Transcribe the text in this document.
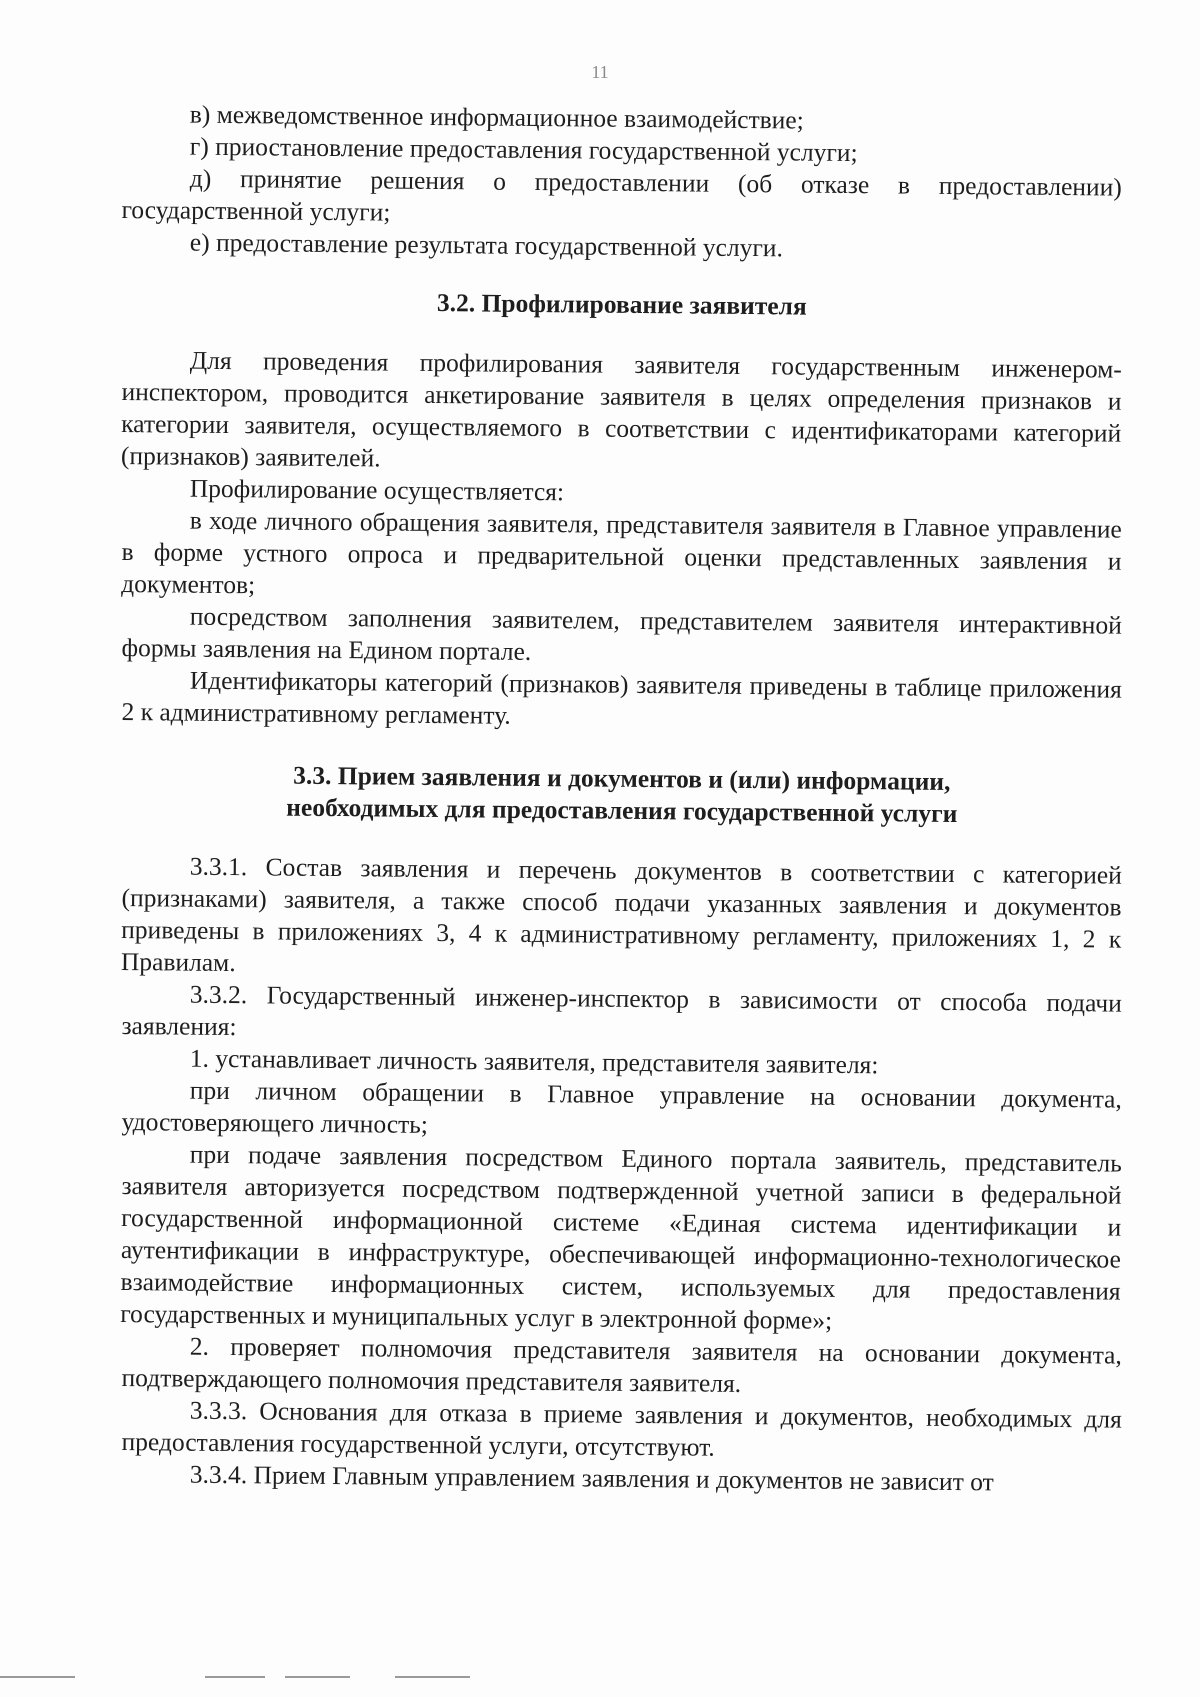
11

в) межведомственное информационное взаимодействие;

г) приостановление предоставления государственной услуги;

д) принятие решения о предоставлении (об отказе в предоставлении) государственной услуги;

е) предоставление результата государственной услуги.

3.2. Профилирование заявителя

Для проведения профилирования заявителя государственным инженером-инспектором, проводится анкетирование заявителя в целях определения признаков и категории заявителя, осуществляемого в соответствии с идентификаторами категорий (признаков) заявителей.

Профилирование осуществляется:

в ходе личного обращения заявителя, представителя заявителя в Главное управление в форме устного опроса и предварительной оценки представленных заявления и документов;

посредством заполнения заявителем, представителем заявителя интерактивной формы заявления на Едином портале.

Идентификаторы категорий (признаков) заявителя приведены в таблице приложения 2 к административному регламенту.

3.3. Прием заявления и документов и (или) информации,
необходимых для предоставления государственной услуги

3.3.1. Состав заявления и перечень документов в соответствии с категорией (признаками) заявителя, а также способ подачи указанных заявления и документов приведены в приложениях 3, 4 к административному регламенту, приложениях 1, 2 к Правилам.

3.3.2. Государственный инженер-инспектор в зависимости от способа подачи заявления:

1. устанавливает личность заявителя, представителя заявителя:

при личном обращении в Главное управление на основании документа, удостоверяющего личность;

при подаче заявления посредством Единого портала заявитель, представитель заявителя авторизуется посредством подтвержденной учетной записи в федеральной государственной информационной системе «Единая система идентификации и аутентификации в инфраструктуре, обеспечивающей информационно-технологическое взаимодействие информационных систем, используемых для предоставления государственных и муниципальных услуг в электронной форме»;

2. проверяет полномочия представителя заявителя на основании документа, подтверждающего полномочия представителя заявителя.

3.3.3. Основания для отказа в приеме заявления и документов, необходимых для предоставления государственной услуги, отсутствуют.

3.3.4. Прием Главным управлением заявления и документов не зависит от
